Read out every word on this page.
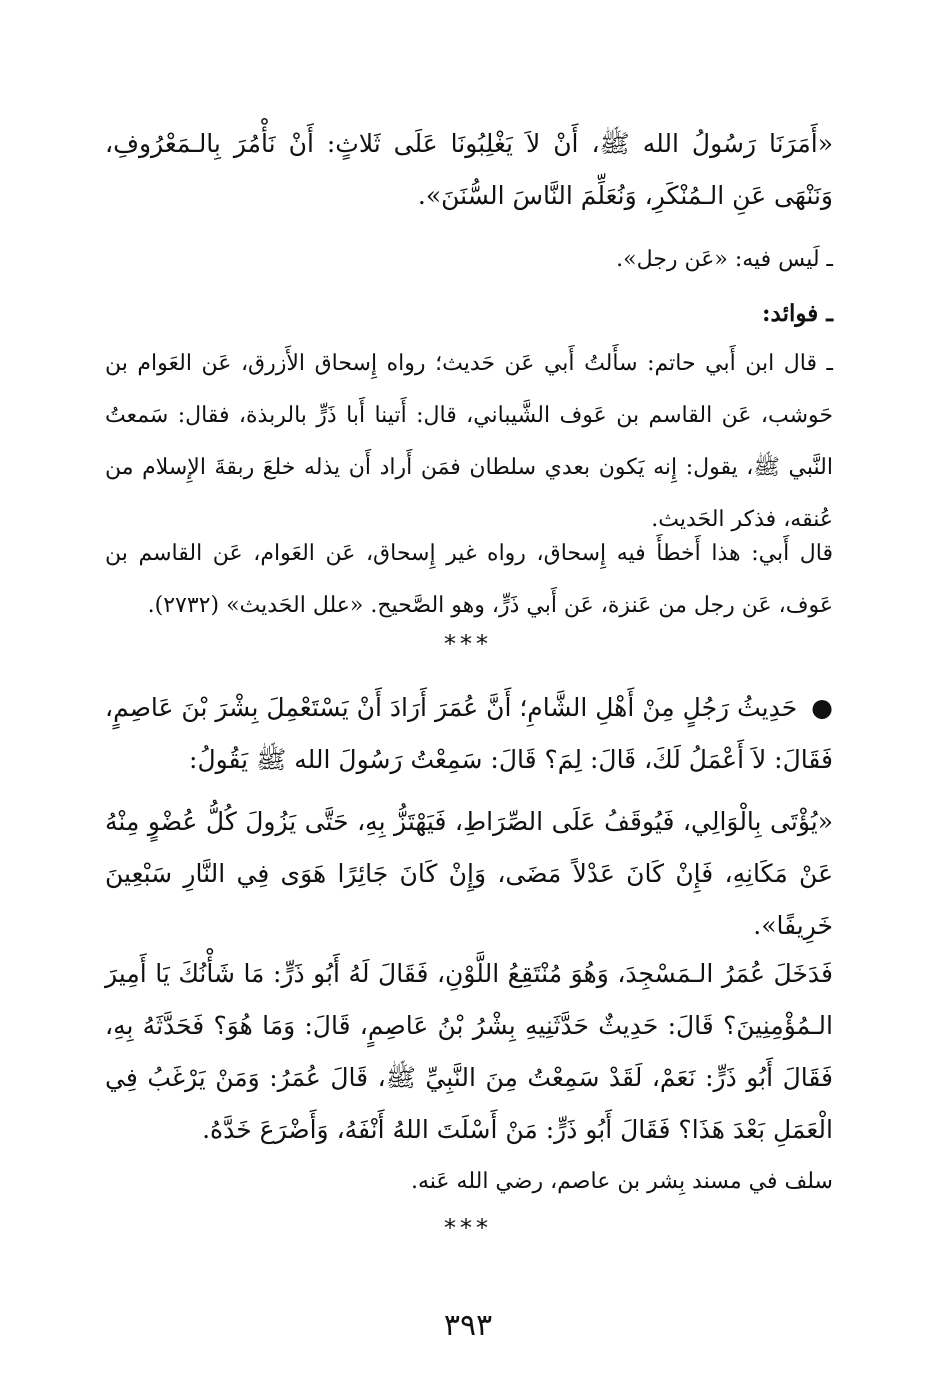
«أَمَرَنَا رَسُولُ الله ﷺ، أَنْ لاَ يَغْلِبُونَا عَلَى ثَلاثٍ: أَنْ نَأْمُرَ بِالـمَعْرُوفِ، وَنَنْهَى عَنِ الـمُنْكَرِ، وَنُعَلِّمَ النَّاسَ السُّنَنَ».
ـ لَيس فيه: «عَن رجل».
ـ فوائد:
ـ قال ابن أَبي حاتم: سأَلتُ أَبي عَن حَديث؛ رواه إِسحاق الأَزرق، عَن العَوام بن حَوشب، عَن القاسم بن عَوف الشَّيباني، قال: أَتينا أَبا ذَرٍّ بالربذة، فقال: سَمعتُ النَّبي ﷺ، يقول: إِنه يَكون بعدي سلطان فمَن أَراد أَن يذله خلعَ ربقةَ الإِسلام من عُنقه، فذكر الحَديث.
قال أَبي: هذا أَخطأَ فيه إِسحاق، رواه غير إِسحاق، عَن العَوام، عَن القاسم بن عَوف، عَن رجل من عَنزة، عَن أَبي ذَرٍّ، وهو الصَّحيح. «علل الحَديث» (٢٧٣٢).
***
●حَدِيثُ رَجُلٍ مِنْ أَهْلِ الشَّامِ؛ أَنَّ عُمَرَ أَرَادَ أَنْ يَسْتَعْمِلَ بِشْرَ بْنَ عَاصِمٍ، فَقَالَ: لاَ أَعْمَلُ لَكَ، قَالَ: لِمَ؟ قَالَ: سَمِعْتُ رَسُولَ الله ﷺ يَقُولُ:
«يُؤْتَى بِالْوَالِي، فَيُوقَفُ عَلَى الصِّرَاطِ، فَيَهْتَزُّ بِهِ، حَتَّى يَزُولَ كُلُّ عُضْوٍ مِنْهُ عَنْ مَكَانِهِ، فَإِنْ كَانَ عَدْلاً مَضَى، وَإِنْ كَانَ جَائِرًا هَوَى فِي النَّارِ سَبْعِينَ خَرِيفًا».
فَدَخَلَ عُمَرُ الـمَسْجِدَ، وَهُوَ مُنْتَقِعُ اللَّوْنِ، فَقَالَ لَهُ أَبُو ذَرٍّ: مَا شَأْنُكَ يَا أَمِيرَ الـمُؤْمِنِينَ؟ قَالَ: حَدِيثٌ حَدَّثَنِيهِ بِشْرُ بْنُ عَاصِمٍ، قَالَ: وَمَا هُوَ؟ فَحَدَّثَهُ بِهِ، فَقَالَ أَبُو ذَرٍّ: نَعَمْ، لَقَدْ سَمِعْتُ مِنَ النَّبِيِّ ﷺ، قَالَ عُمَرُ: وَمَنْ يَرْغَبُ فِي الْعَمَلِ بَعْدَ هَذَا؟ فَقَالَ أَبُو ذَرٍّ: مَنْ أَسْلَتَ اللهُ أَنْفَهُ، وَأَضْرَعَ خَدَّهُ.
سلف في مسند بِشر بن عاصم، رضي الله عَنه.
***
٣٩٣
